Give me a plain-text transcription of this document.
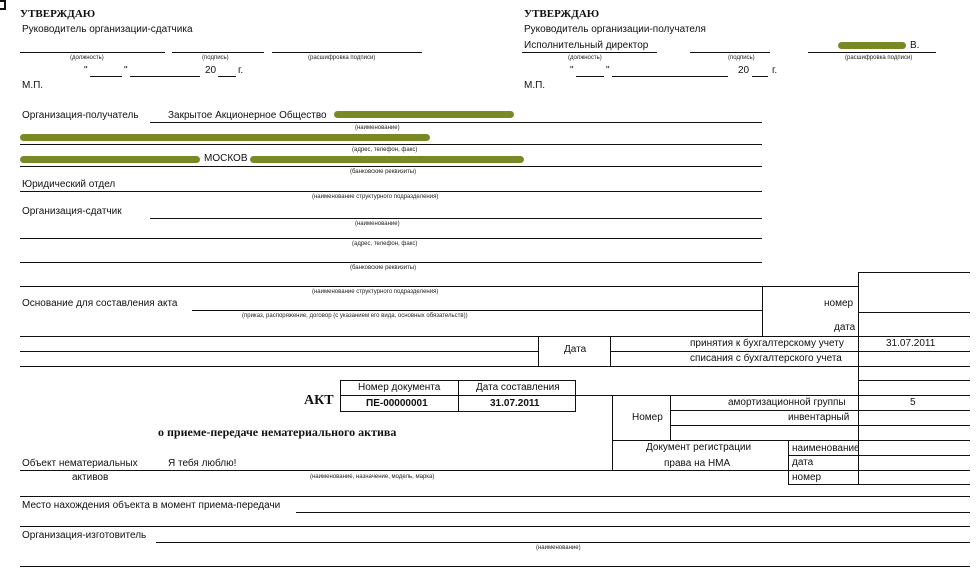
УТВЕРЖДАЮ
Руководитель организации-сдатчика
(должность)	(подпись)	(расшифровка подписи)
"	"	20 г.
М.П.
УТВЕРЖДАЮ
Руководитель организации-получателя
Исполнительный директор	В.
(должность)	(подпись)	(расшифровка подписи)
"	"	20 г.
М.П.
Организация-получатель	Закрытое Акционерное Общество
(наименование)
(адрес, телефон, факс)
МОСКОВ
(банковские реквизиты)
Юридический отдел
(наименование структурного подразделения)
Организация-сдатчик
(наименование)
(адрес, телефон, факс)
(банковские реквизиты)
(наименование структурного подразделения)
Основание для составления акта
(приказ, распоряжение, договор (с указанием его вида, основных обязательств))
номер
дата
Дата
принятия к бухгалтерскому учету	31.07.2011
списания с бухгалтерского учета
АКТ
Номер документа	Дата составления
ПЕ-00000001	31.07.2011
о приеме-передаче нематериального актива
Номер
амортизационной группы	5
инвентарный
Документ регистрации
права на НМА
наименование
дата
номер
Объект нематериальных
активов
Я тебя люблю!
(наименование, назначение, модель, марка)
Место нахождения объекта в момент приема-передачи
Организация-изготовитель
(наименование)
